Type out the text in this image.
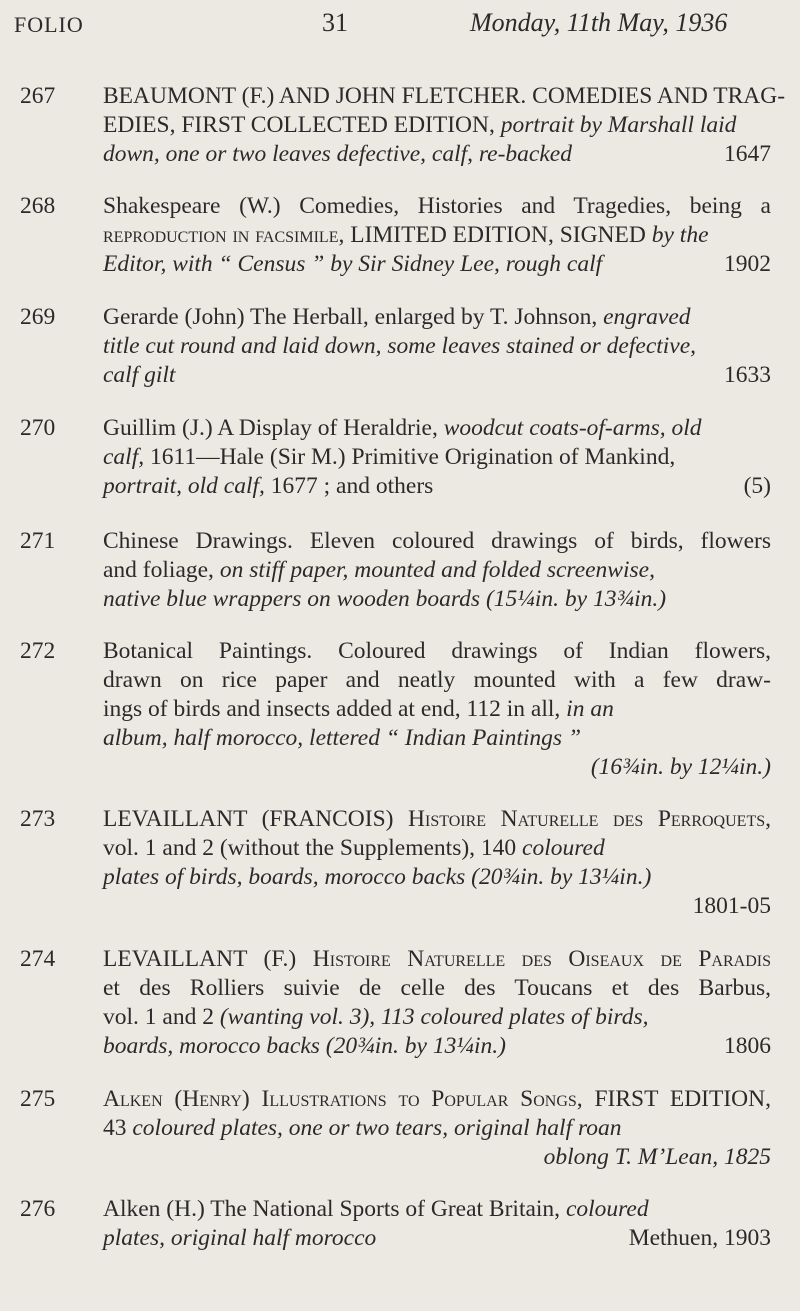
FOLIO	31	Monday, 11th May, 1936
267	BEAUMONT (F.) AND JOHN FLETCHER. COMEDIES AND TRAG-
EDIES, FIRST COLLECTED EDITION, portrait by Marshall laid
down, one or two leaves defective, calf, re-backed	1647
268	Shakespeare (W.) Comedies, Histories and Tragedies, being a
reproduction in facsimile, LIMITED EDITION, SIGNED by the
Editor, with “ Census ” by Sir Sidney Lee, rough calf	1902
269	Gerarde (John) The Herball, enlarged by T. Johnson, engraved
title cut round and laid down, some leaves stained or defective,
calf gilt	1633
270	Guillim (J.) A Display of Heraldrie, woodcut coats-of-arms, old
calf, 1611—Hale (Sir M.) Primitive Origination of Mankind,
portrait, old calf, 1677 ; and others	(5)
271	Chinese Drawings. Eleven coloured drawings of birds, flowers
and foliage, on stiff paper, mounted and folded screenwise,
native blue wrappers on wooden boards (15¼in. by 13¾in.)
272	Botanical Paintings. Coloured drawings of Indian flowers,
drawn on rice paper and neatly mounted with a few draw-
ings of birds and insects added at end, 112 in all, in an
album, half morocco, lettered “ Indian Paintings ”
(16¾in. by 12¼in.)
273	LEVAILLANT (FRANCOIS) Histoire Naturelle des Perroquets,
vol. 1 and 2 (without the Supplements), 140 coloured
plates of birds, boards, morocco backs (20¾in. by 13¼in.)
1801-05
274	LEVAILLANT (F.) Histoire Naturelle des Oiseaux de Paradis
et des Rolliers suivie de celle des Toucans et des Barbus,
vol. 1 and 2 (wanting vol. 3), 113 coloured plates of birds,
boards, morocco backs (20¾in. by 13¼in.)	1806
275	Alken (Henry) Illustrations to Popular Songs, FIRST EDITION,
43 coloured plates, one or two tears, original half roan
oblong T. M’Lean, 1825
276	Alken (H.) The National Sports of Great Britain, coloured
plates, original half morocco	Methuen, 1903
